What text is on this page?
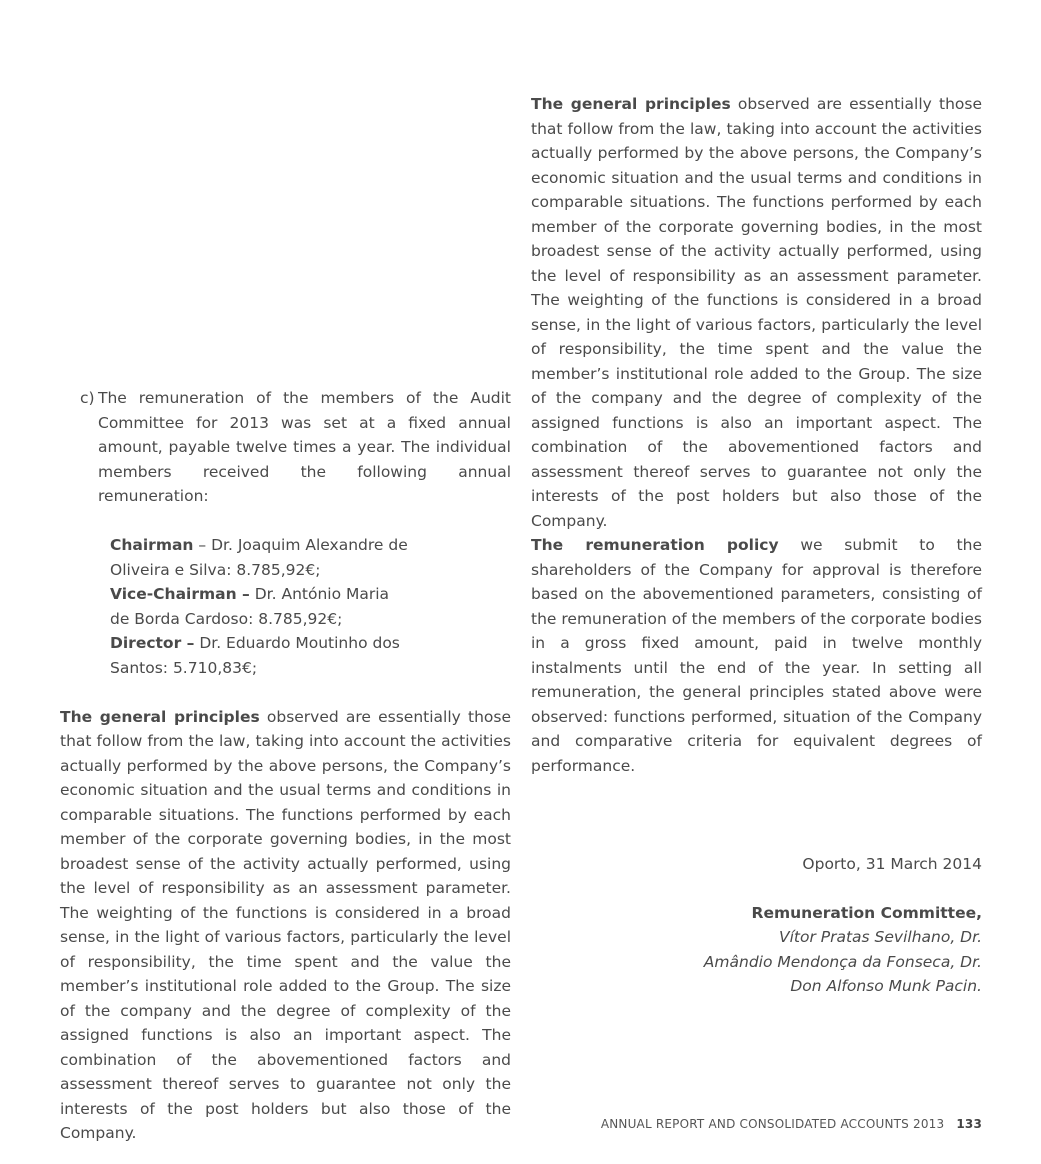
c) The remuneration of the members of the Audit Committee for 2013 was set at a fixed annual amount, payable twelve times a year. The individual members received the following annual remuneration:

Chairman – Dr. Joaquim Alexandre de
Oliveira e Silva: 8.785,92€;
Vice-Chairman – Dr. António Maria
de Borda Cardoso: 8.785,92€;
Director – Dr. Eduardo Moutinho dos
Santos: 5.710,83€;

The general principles observed are essentially those that follow from the law, taking into account the activities actually performed by the above persons, the Company’s economic situation and the usual terms and conditions in comparable situations. The functions performed by each member of the corporate governing bodies, in the most broadest sense of the activity actually performed, using the level of responsibility as an assessment parameter. The weighting of the functions is considered in a broad sense, in the light of various factors, particularly the level of responsibility, the time spent and the value the member’s institutional role added to the Group. The size of the company and the degree of complexity of the assigned functions is also an important aspect. The combination of the abovementioned factors and assessment thereof serves to guarantee not only the interests of the post holders but also those of the Company.

The general principles observed are essentially those that follow from the law, taking into account the activities actually performed by the above persons, the Company’s economic situation and the usual terms and conditions in comparable situations. The functions performed by each member of the corporate governing bodies, in the most broadest sense of the activity actually performed, using the level of responsibility as an assessment parameter. The weighting of the functions is considered in a broad sense, in the light of various factors, particularly the level of responsibility, the time spent and the value the member’s institutional role added to the Group. The size of the company and the degree of complexity of the assigned functions is also an important aspect. The combination of the abovementioned factors and assessment thereof serves to guarantee not only the interests of the post holders but also those of the Company.

The remuneration policy we submit to the shareholders of the Company for approval is therefore based on the abovementioned parameters, consisting of the remuneration of the members of the corporate bodies in a gross fixed amount, paid in twelve monthly instalments until the end of the year. In setting all remuneration, the general principles stated above were observed: functions performed, situation of the Company and comparative criteria for equivalent degrees of performance.

Oporto, 31 March 2014
Remuneration Committee,
Vítor Pratas Sevilhano, Dr.
Amândio Mendonça da Fonseca, Dr.
Don Alfonso Munk Pacin.
ANNUAL REPORT AND CONSOLIDATED ACCOUNTS 2013 133
